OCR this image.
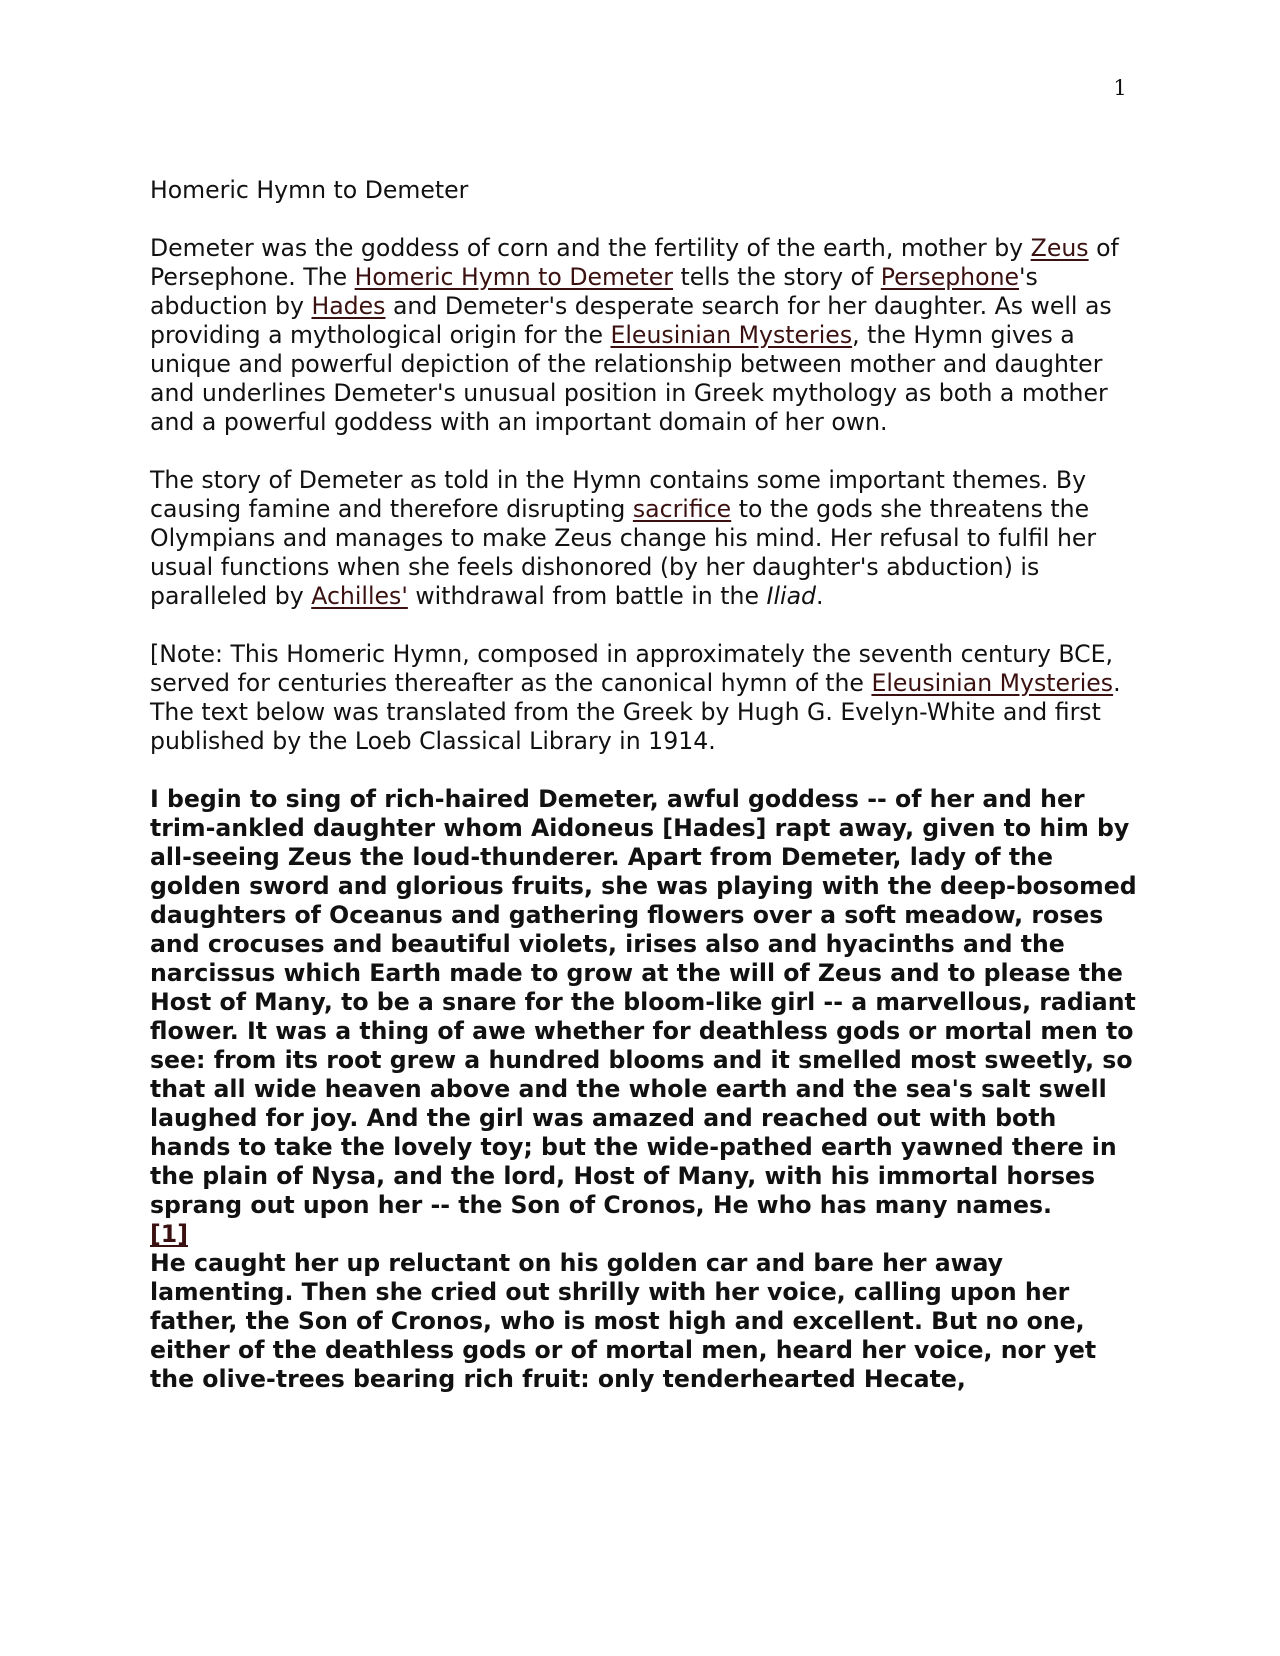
1

Homeric Hymn to Demeter

Demeter was the goddess of corn and the fertility of the earth, mother by Zeus of Persephone. The Homeric Hymn to Demeter tells the story of Persephone's abduction by Hades and Demeter's desperate search for her daughter. As well as providing a mythological origin for the Eleusinian Mysteries, the Hymn gives a unique and powerful depiction of the relationship between mother and daughter and underlines Demeter's unusual position in Greek mythology as both a mother and a powerful goddess with an important domain of her own.

The story of Demeter as told in the Hymn contains some important themes. By causing famine and therefore disrupting sacrifice to the gods she threatens the Olympians and manages to make Zeus change his mind. Her refusal to fulfil her usual functions when she feels dishonored (by her daughter's abduction) is paralleled by Achilles' withdrawal from battle in the Iliad.

[Note: This Homeric Hymn, composed in approximately the seventh century BCE, served for centuries thereafter as the canonical hymn of the Eleusinian Mysteries. The text below was translated from the Greek by Hugh G. Evelyn-White and first published by the Loeb Classical Library in 1914.

I begin to sing of rich-haired Demeter, awful goddess -- of her and her trim-ankled daughter whom Aidoneus [Hades] rapt away, given to him by all-seeing Zeus the loud-thunderer. Apart from Demeter, lady of the golden sword and glorious fruits, she was playing with the deep-bosomed daughters of Oceanus and gathering flowers over a soft meadow, roses and crocuses and beautiful violets, irises also and hyacinths and the narcissus which Earth made to grow at the will of Zeus and to please the Host of Many, to be a snare for the bloom-like girl -- a marvellous, radiant flower. It was a thing of awe whether for deathless gods or mortal men to see: from its root grew a hundred blooms and it smelled most sweetly, so that all wide heaven above and the whole earth and the sea's salt swell laughed for joy. And the girl was amazed and reached out with both hands to take the lovely toy; but the wide-pathed earth yawned there in the plain of Nysa, and the lord, Host of Many, with his immortal horses sprang out upon her -- the Son of Cronos, He who has many names.
[1]

He caught her up reluctant on his golden car and bare her away lamenting. Then she cried out shrilly with her voice, calling upon her father, the Son of Cronos, who is most high and excellent. But no one, either of the deathless gods or of mortal men, heard her voice, nor yet the olive-trees bearing rich fruit: only tenderhearted Hecate,
